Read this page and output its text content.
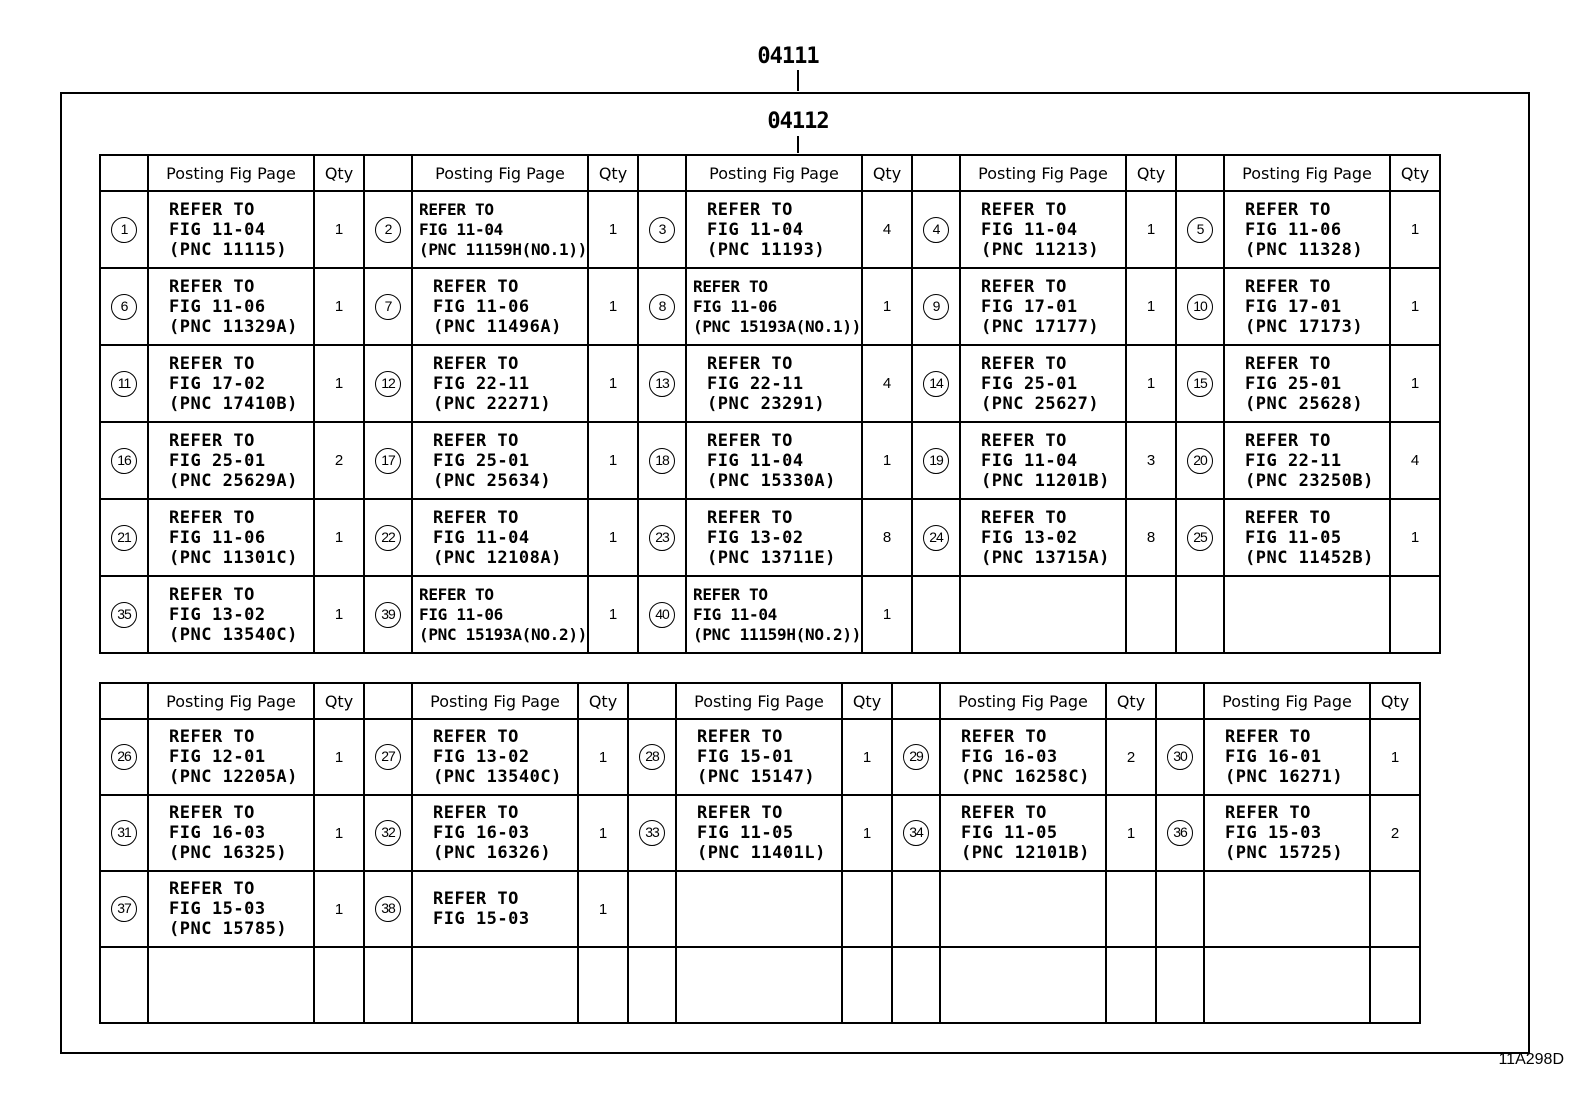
04111
04112
	Posting Fig Page	Qty		Posting Fig Page	Qty		Posting Fig Page	Qty		Posting Fig Page	Qty		Posting Fig Page	Qty
1	REFER TO
FIG 11-04
(PNC 11115)	1	2	REFER TO
FIG 11-04
(PNC 11159H(NO.1))	1	3	REFER TO
FIG 11-04
(PNC 11193)	4	4	REFER TO
FIG 11-04
(PNC 11213)	1	5	REFER TO
FIG 11-06
(PNC 11328)	1
6	REFER TO
FIG 11-06
(PNC 11329A)	1	7	REFER TO
FIG 11-06
(PNC 11496A)	1	8	REFER TO
FIG 11-06
(PNC 15193A(NO.1))	1	9	REFER TO
FIG 17-01
(PNC 17177)	1	10	REFER TO
FIG 17-01
(PNC 17173)	1
11	REFER TO
FIG 17-02
(PNC 17410B)	1	12	REFER TO
FIG 22-11
(PNC 22271)	1	13	REFER TO
FIG 22-11
(PNC 23291)	4	14	REFER TO
FIG 25-01
(PNC 25627)	1	15	REFER TO
FIG 25-01
(PNC 25628)	1
16	REFER TO
FIG 25-01
(PNC 25629A)	2	17	REFER TO
FIG 25-01
(PNC 25634)	1	18	REFER TO
FIG 11-04
(PNC 15330A)	1	19	REFER TO
FIG 11-04
(PNC 11201B)	3	20	REFER TO
FIG 22-11
(PNC 23250B)	4
21	REFER TO
FIG 11-06
(PNC 11301C)	1	22	REFER TO
FIG 11-04
(PNC 12108A)	1	23	REFER TO
FIG 13-02
(PNC 13711E)	8	24	REFER TO
FIG 13-02
(PNC 13715A)	8	25	REFER TO
FIG 11-05
(PNC 11452B)	1
35	REFER TO
FIG 13-02
(PNC 13540C)	1	39	REFER TO
FIG 11-06
(PNC 15193A(NO.2))	1	40	REFER TO
FIG 11-04
(PNC 11159H(NO.2))	1						
	Posting Fig Page	Qty		Posting Fig Page	Qty		Posting Fig Page	Qty		Posting Fig Page	Qty		Posting Fig Page	Qty
26	REFER TO
FIG 12-01
(PNC 12205A)	1	27	REFER TO
FIG 13-02
(PNC 13540C)	1	28	REFER TO
FIG 15-01
(PNC 15147)	1	29	REFER TO
FIG 16-03
(PNC 16258C)	2	30	REFER TO
FIG 16-01
(PNC 16271)	1
31	REFER TO
FIG 16-03
(PNC 16325)	1	32	REFER TO
FIG 16-03
(PNC 16326)	1	33	REFER TO
FIG 11-05
(PNC 11401L)	1	34	REFER TO
FIG 11-05
(PNC 12101B)	1	36	REFER TO
FIG 15-03
(PNC 15725)	2
37	REFER TO
FIG 15-03
(PNC 15785)	1	38	REFER TO
FIG 15-03	1									

11A298D
